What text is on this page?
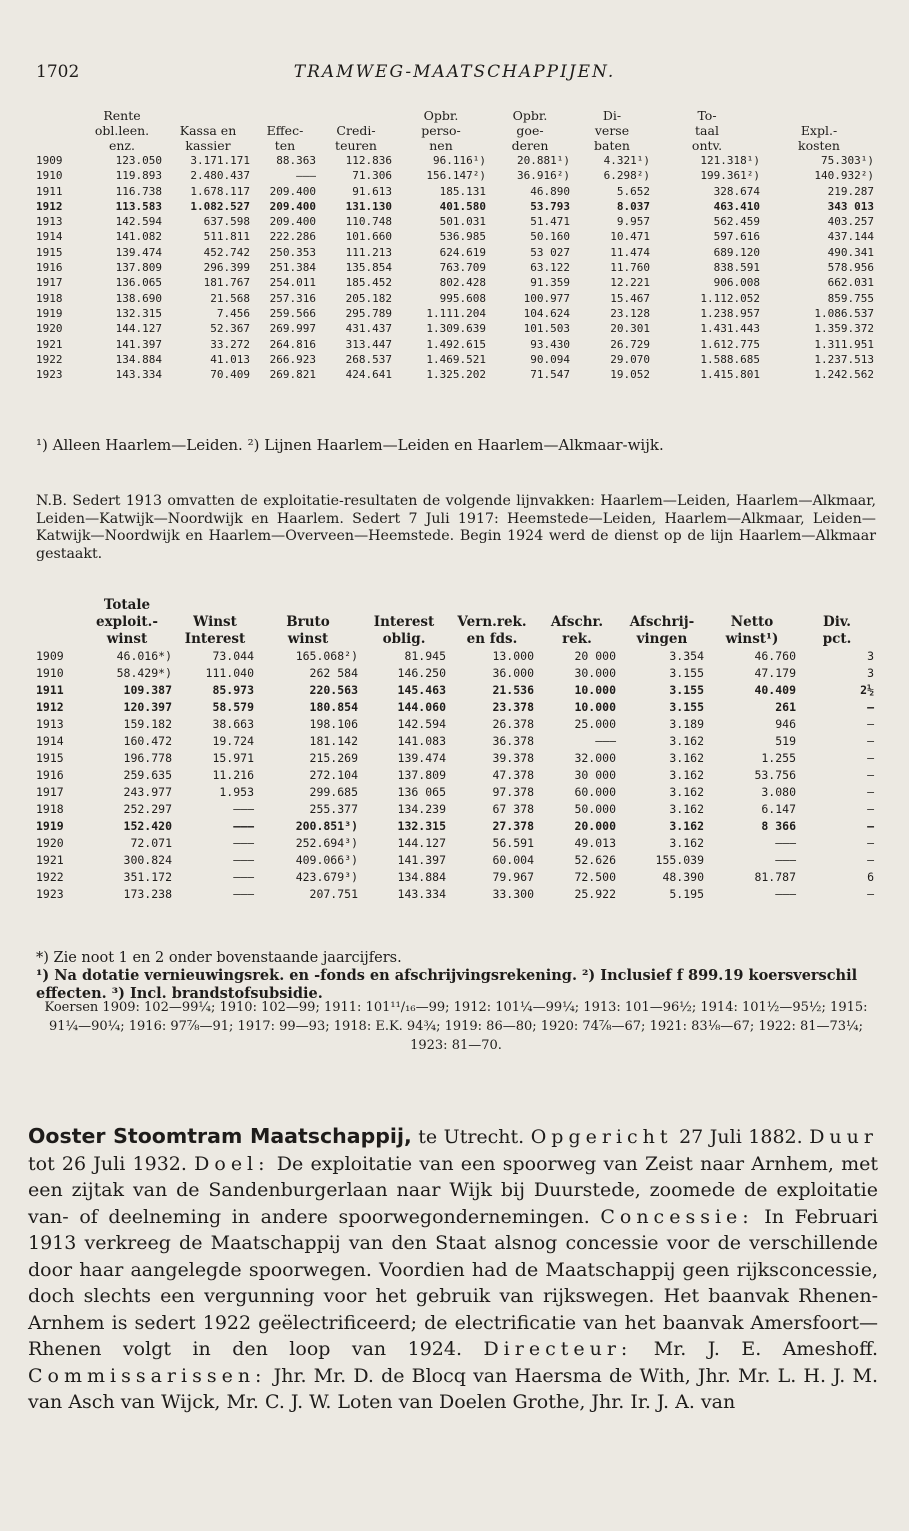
1702	TRAMWEG-MAATSCHAPPIJEN.
	Rente				Opbr.	Opbr.	Di-	To-	
	obl.leen.	Kassa en	Effec-	Credi-	perso-	goe-	verse	taal	Expl.-
	enz.	kassier	ten	teuren	nen	deren	baten	ontv.	kosten
1909	123.050	3.171.171	88.363	112.836	96.116¹)	20.881¹)	4.321¹)	121.318¹)	75.303¹)
1910	119.893	2.480.437	———	71.306	156.147²)	36.916²)	6.298²)	199.361²)	140.932²)
1911	116.738	1.678.117	209.400	91.613	185.131	46.890	5.652	328.674	219.287
1912	113.583	1.082.527	209.400	131.130	401.580	53.793	8.037	463.410	343 013
1913	142.594	637.598	209.400	110.748	501.031	51.471	9.957	562.459	403.257
1914	141.082	511.811	222.286	101.660	536.985	50.160	10.471	597.616	437.144
1915	139.474	452.742	250.353	111.213	624.619	53 027	11.474	689.120	490.341
1916	137.809	296.399	251.384	135.854	763.709	63.122	11.760	838.591	578.956
1917	136.065	181.767	254.011	185.452	802.428	91.359	12.221	906.008	662.031
1918	138.690	21.568	257.316	205.182	995.608	100.977	15.467	1.112.052	859.755
1919	132.315	7.456	259.566	295.789	1.111.204	104.624	23.128	1.238.957	1.086.537
1920	144.127	52.367	269.997	431.437	1.309.639	101.503	20.301	1.431.443	1.359.372
1921	141.397	33.272	264.816	313.447	1.492.615	93.430	26.729	1.612.775	1.311.951
1922	134.884	41.013	266.923	268.537	1.469.521	90.094	29.070	1.588.685	1.237.513
1923	143.334	70.409	269.821	424.641	1.325.202	71.547	19.052	1.415.801	1.242.562
¹) Alleen Haarlem—Leiden. ²) Lijnen Haarlem—Leiden en Haarlem—Alkmaar-wijk.
N.B. Sedert 1913 omvatten de exploitatie-resultaten de volgende lijnvakken: Haarlem—Leiden, Haarlem—Alkmaar, Leiden—Katwijk—Noordwijk en Haarlem. Sedert 7 Juli 1917: Heemstede—Leiden, Haarlem—Alkmaar, Leiden—Katwijk—Noordwijk en Haarlem—Overveen—Heemstede. Begin 1924 werd de dienst op de lijn Haarlem—Alkmaar gestaakt.
	Totale								
	exploit.-	Winst	Bruto	Interest	Vern.rek.	Afschr.	Afschrij-	Netto	Div.
	winst	Interest	winst	oblig.	en fds.	rek.	vingen	winst¹)	pct.
1909	46.016*)	73.044	165.068²)	81.945	13.000	20 000	3.354	46.760	3
1910	58.429*)	111.040	262 584	146.250	36.000	30.000	3.155	47.179	3
1911	109.387	85.973	220.563	145.463	21.536	10.000	3.155	40.409	2½
1912	120.397	58.579	180.854	144.060	23.378	10.000	3.155	261	—
1913	159.182	38.663	198.106	142.594	26.378	25.000	3.189	946	—
1914	160.472	19.724	181.142	141.083	36.378	———	3.162	519	—
1915	196.778	15.971	215.269	139.474	39.378	32.000	3.162	1.255	—
1916	259.635	11.216	272.104	137.809	47.378	30 000	3.162	53.756	—
1917	243.977	1.953	299.685	136 065	97.378	60.000	3.162	3.080	—
1918	252.297	———	255.377	134.239	67 378	50.000	3.162	6.147	—
1919	152.420	———	200.851³)	132.315	27.378	20.000	3.162	8 366	—
1920	72.071	———	252.694³)	144.127	56.591	49.013	3.162	———	—
1921	300.824	———	409.066³)	141.397	60.004	52.626	155.039	———	—
1922	351.172	———	423.679³)	134.884	79.967	72.500	48.390	81.787	6
1923	173.238	———	207.751	143.334	33.300	25.922	5.195	———	—
*) Zie noot 1 en 2 onder bovenstaande jaarcijfers.
¹) Na dotatie vernieuwingsrek. en -fonds en afschrijvingsrekening. ²) Inclusief f 899.19 koersverschil effecten. ³) Incl. brandstofsubsidie.
Koersen 1909: 102—99¼; 1910: 102—99; 1911: 101¹¹/₁₆—99; 1912: 101¼—99¼; 1913: 101—96½; 1914: 101½—95½; 1915: 91¼—90¼; 1916: 97⅞—91; 1917: 99—93; 1918: E.K. 94¾; 1919: 86—80; 1920: 74⅞—67; 1921: 83⅛—67; 1922: 81—73¼; 1923: 81—70.
Ooster Stoomtram Maatschappij, te Utrecht. Opgericht 27 Juli 1882. Duur tot 26 Juli 1932. Doel: De exploitatie van een spoorweg van Zeist naar Arnhem, met een zijtak van de Sandenburgerlaan naar Wijk bij Duurstede, zoomede de exploitatie van- of deelneming in andere spoorwegondernemingen. Concessie: In Februari 1913 verkreeg de Maatschappij van den Staat alsnog concessie voor de verschillende door haar aangelegde spoorwegen. Voordien had de Maatschappij geen rijksconcessie, doch slechts een vergunning voor het gebruik van rijkswegen. Het baanvak Rhenen-Arnhem is sedert 1922 geëlectrificeerd; de electrificatie van het baanvak Amersfoort—Rhenen volgt in den loop van 1924. Directeur: Mr. J. E. Ameshoff. Commissarissen: Jhr. Mr. D. de Blocq van Haersma de With, Jhr. Mr. L. H. J. M. van Asch van Wijck, Mr. C. J. W. Loten van Doelen Grothe, Jhr. Ir. J. A. van
